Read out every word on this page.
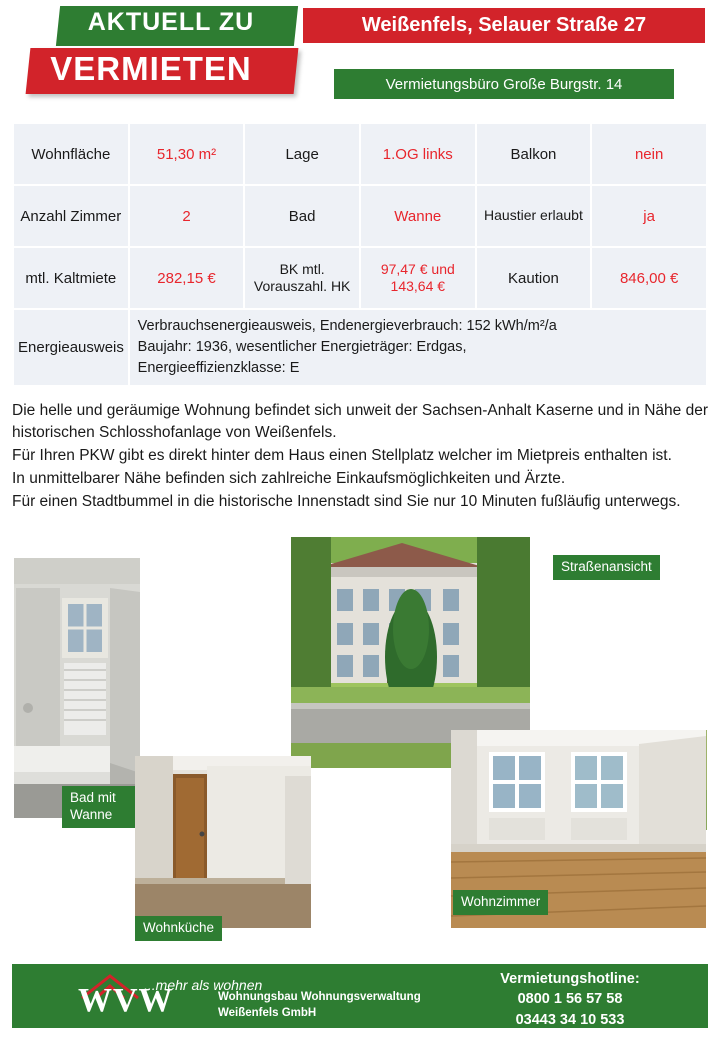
AKTUELL ZU
VERMIETEN
Weißenfels, Selauer Straße 27
Vermietungsbüro Große Burgstr. 14
Wohnfläche	51,30 m²	Lage	1.OG links	Balkon	nein
Anzahl Zimmer	2	Bad	Wanne	Haustier erlaubt	ja
mtl. Kaltmiete	282,15 €	BK mtl. Vorauszahl. HK	97,47 € und 143,64 €	Kaution	846,00 €
Energieausweis	Verbrauchsenergieausweis, Endenergieverbrauch: 152 kWh/m²/a
Baujahr: 1936, wesentlicher Energieträger: Erdgas,
Energieeffizienzklasse: E				

Die helle und geräumige Wohnung befindet sich unweit der Sachsen-Anhalt Kaserne und in Nähe der historischen Schlosshofanlage von Weißenfels.

Für Ihren PKW gibt es direkt hinter dem Haus einen Stellplatz welcher im Mietpreis enthalten ist.

In unmittelbarer Nähe befinden sich zahlreiche Einkaufsmöglichkeiten und Ärzte.

Für einen Stadtbummel in die historische Innenstadt sind Sie nur 10 Minuten fußläufig unterwegs.

Bad mit Wanne
Straßenansicht
Wohnküche
Wohnzimmer
WVW
...mehr als wohnen
Wohnungsbau Wohnungsverwaltung
Weißenfels GmbH
Vermietungshotline:
0800 1 56 57 58
03443 34 10 533
